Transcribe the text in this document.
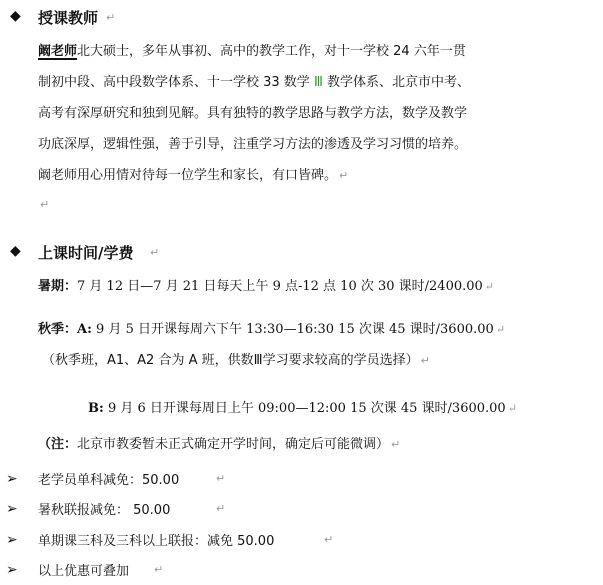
◆ 授课教师 ↵
阚老师北大硕士，多年从事初、高中的教学工作，对十一学校 24 六年一贯
制初中段、高中段数学体系、十一学校 33 数学 Ⅲ 教学体系、北京市中考、
高考有深厚研究和独到见解。具有独特的教学思路与教学方法，数学及教学
功底深厚，逻辑性强，善于引导，注重学习方法的渗透及学习习惯的培养。
阚老师用心用情对待每一位学生和家长，有口皆碑。 ↵
↵
◆ 上课时间/学费 ↵
暑期：7 月 12 日—7 月 21 日每天上午 9 点-12 点 10 次 30 课时/2400.00 ↵
秋季：A: 9 月 5 日开课每周六下午 13:30—16:30 15 次课 45 课时/3600.00 ↵
（秋季班，A1、A2 合为 A 班，供数Ⅲ学习要求较高的学员选择） ↵
B: 9 月 6 日开课每周日上午 09:00—12:00 15 次课 45 课时/3600.00 ↵
（注：北京市教委暂未正式确定开学时间，确定后可能微调） ↵
➢ 老学员单科减免：50.00	↵
➢ 暑秋联报减免： 50.00	↵
➢ 单期课三科及三科以上联报：减免 50.00	↵
➢ 以上优惠可叠加 ↵
